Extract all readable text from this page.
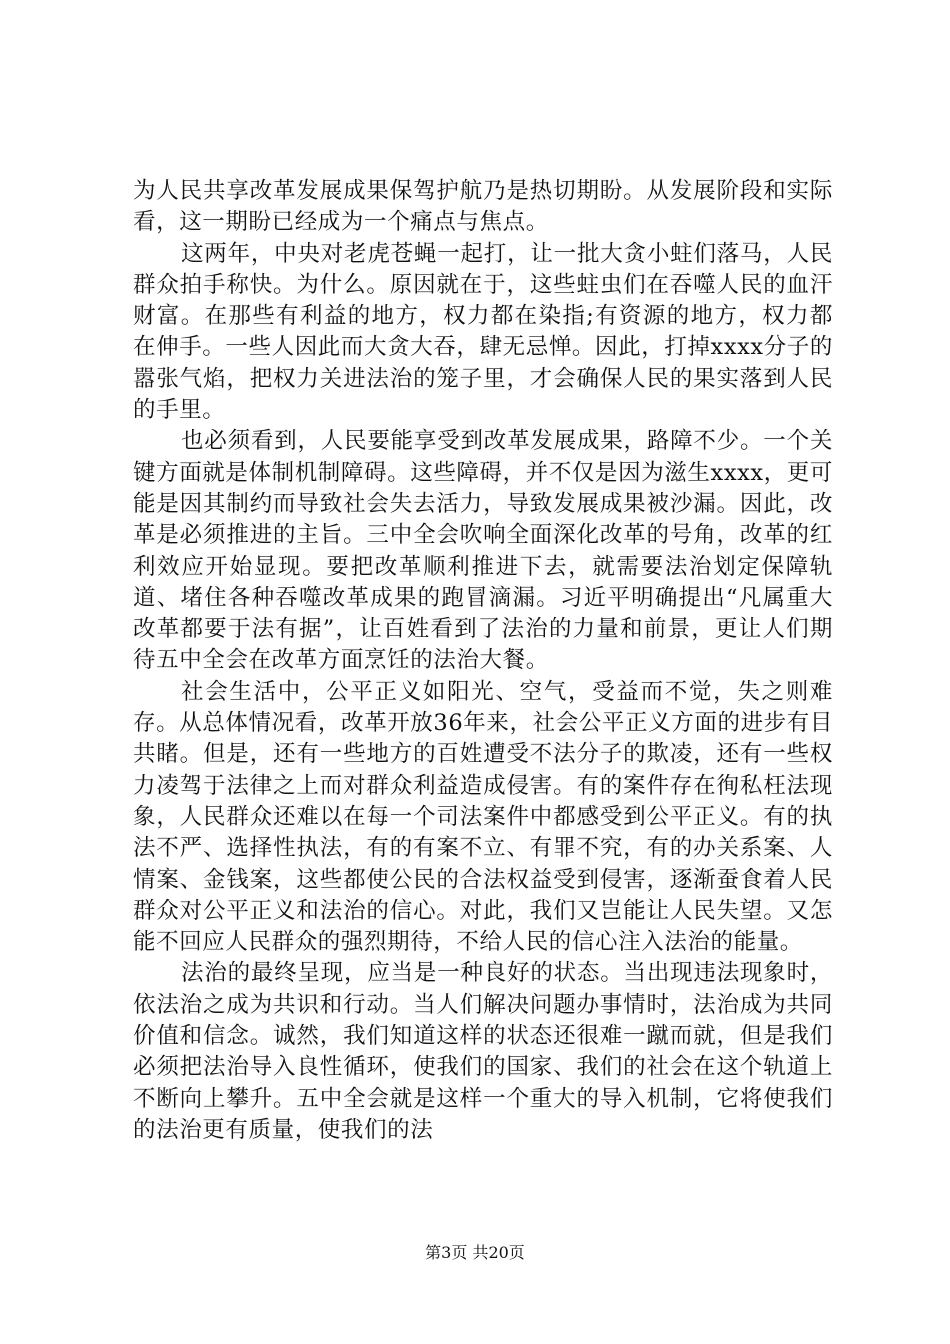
为人民共享改革发展成果保驾护航乃是热切期盼。从发展阶段和实际看，这一期盼已经成为一个痛点与焦点。

这两年，中央对老虎苍蝇一起打，让一批大贪小蛀们落马，人民群众拍手称快。为什么。原因就在于，这些蛀虫们在吞噬人民的血汗财富。在那些有利益的地方，权力都在染指;有资源的地方，权力都在伸手。一些人因此而大贪大吞，肆无忌惮。因此，打掉xxxx分子的嚣张气焰，把权力关进法治的笼子里，才会确保人民的果实落到人民的手里。

也必须看到，人民要能享受到改革发展成果，路障不少。一个关键方面就是体制机制障碍。这些障碍，并不仅是因为滋生xxxx，更可能是因其制约而导致社会失去活力，导致发展成果被沙漏。因此，改革是必须推进的主旨。三中全会吹响全面深化改革的号角，改革的红利效应开始显现。要把改革顺利推进下去，就需要法治划定保障轨道、堵住各种吞噬改革成果的跑冒滴漏。习近平明确提出“凡属重大改革都要于法有据”，让百姓看到了法治的力量和前景，更让人们期待五中全会在改革方面烹饪的法治大餐。

社会生活中，公平正义如阳光、空气，受益而不觉，失之则难存。从总体情况看，改革开放36年来，社会公平正义方面的进步有目共睹。但是，还有一些地方的百姓遭受不法分子的欺凌，还有一些权力凌驾于法律之上而对群众利益造成侵害。有的案件存在徇私枉法现象，人民群众还难以在每一个司法案件中都感受到公平正义。有的执法不严、选择性执法，有的有案不立、有罪不究，有的办关系案、人情案、金钱案，这些都使公民的合法权益受到侵害，逐渐蚕食着人民群众对公平正义和法治的信心。对此，我们又岂能让人民失望。又怎能不回应人民群众的强烈期待，不给人民的信心注入法治的能量。

法治的最终呈现，应当是一种良好的状态。当出现违法现象时，依法治之成为共识和行动。当人们解决问题办事情时，法治成为共同价值和信念。诚然，我们知道这样的状态还很难一蹴而就，但是我们必须把法治导入良性循环，使我们的国家、我们的社会在这个轨道上不断向上攀升。五中全会就是这样一个重大的导入机制，它将使我们的法治更有质量，使我们的法

第3页 共20页
